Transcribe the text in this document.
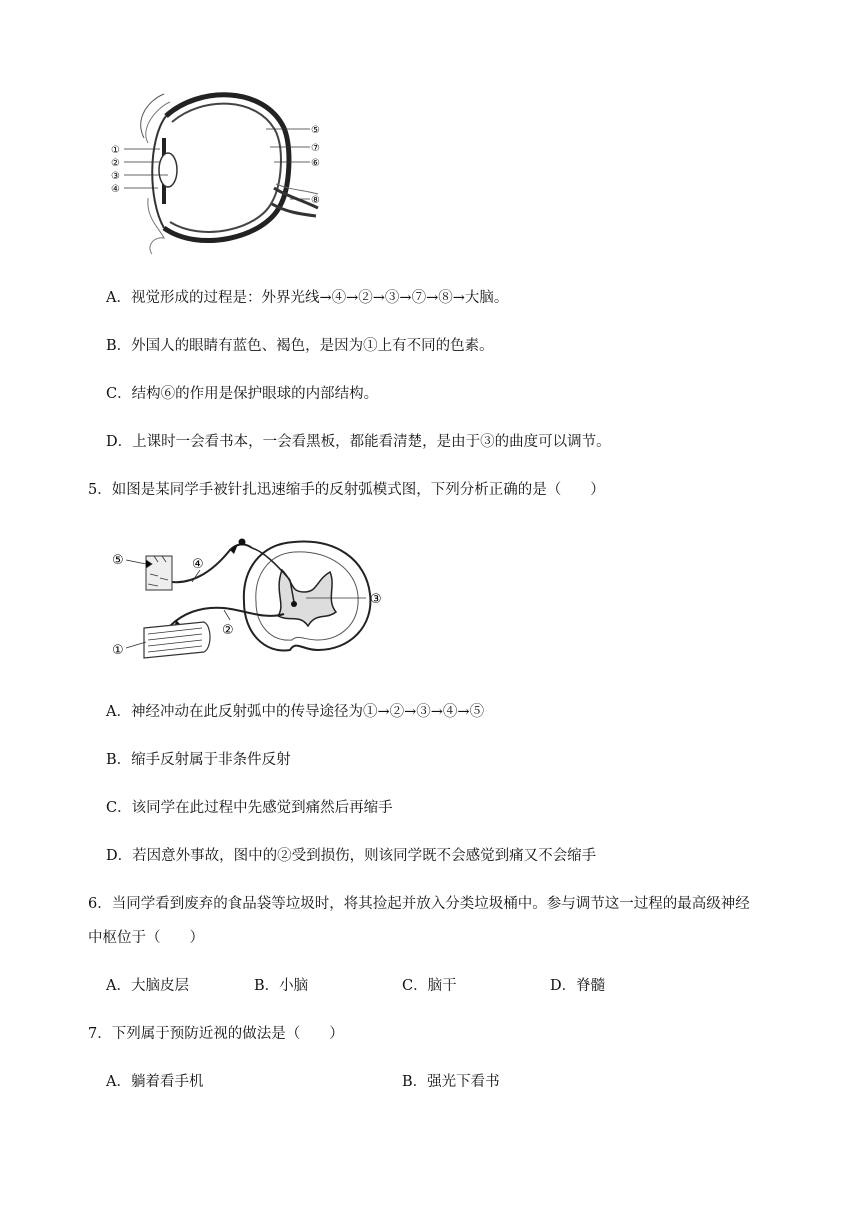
①
②
③
④
⑤
⑦
⑥
⑧
A．视觉形成的过程是：外界光线→④→②→③→⑦→⑧→大脑。
B．外国人的眼睛有蓝色、褐色，是因为①上有不同的色素。
C．结构⑥的作用是保护眼球的内部结构。
D．上课时一会看书本，一会看黑板，都能看清楚，是由于③的曲度可以调节。
5．如图是某同学手被针扎迅速缩手的反射弧模式图，下列分析正确的是（　　）
⑤	④
③
②
①
A．神经冲动在此反射弧中的传导途径为①→②→③→④→⑤
B．缩手反射属于非条件反射
C．该同学在此过程中先感觉到痛然后再缩手
D．若因意外事故，图中的②受到损伤，则该同学既不会感觉到痛又不会缩手
6．当同学看到废弃的食品袋等垃圾时，将其捡起并放入分类垃圾桶中。参与调节这一过程的最高级神经
中枢位于（　　）
A．大脑皮层	B．小脑	C．脑干	D．脊髓
7．下列属于预防近视的做法是（　　）
A．躺着看手机	B．强光下看书
